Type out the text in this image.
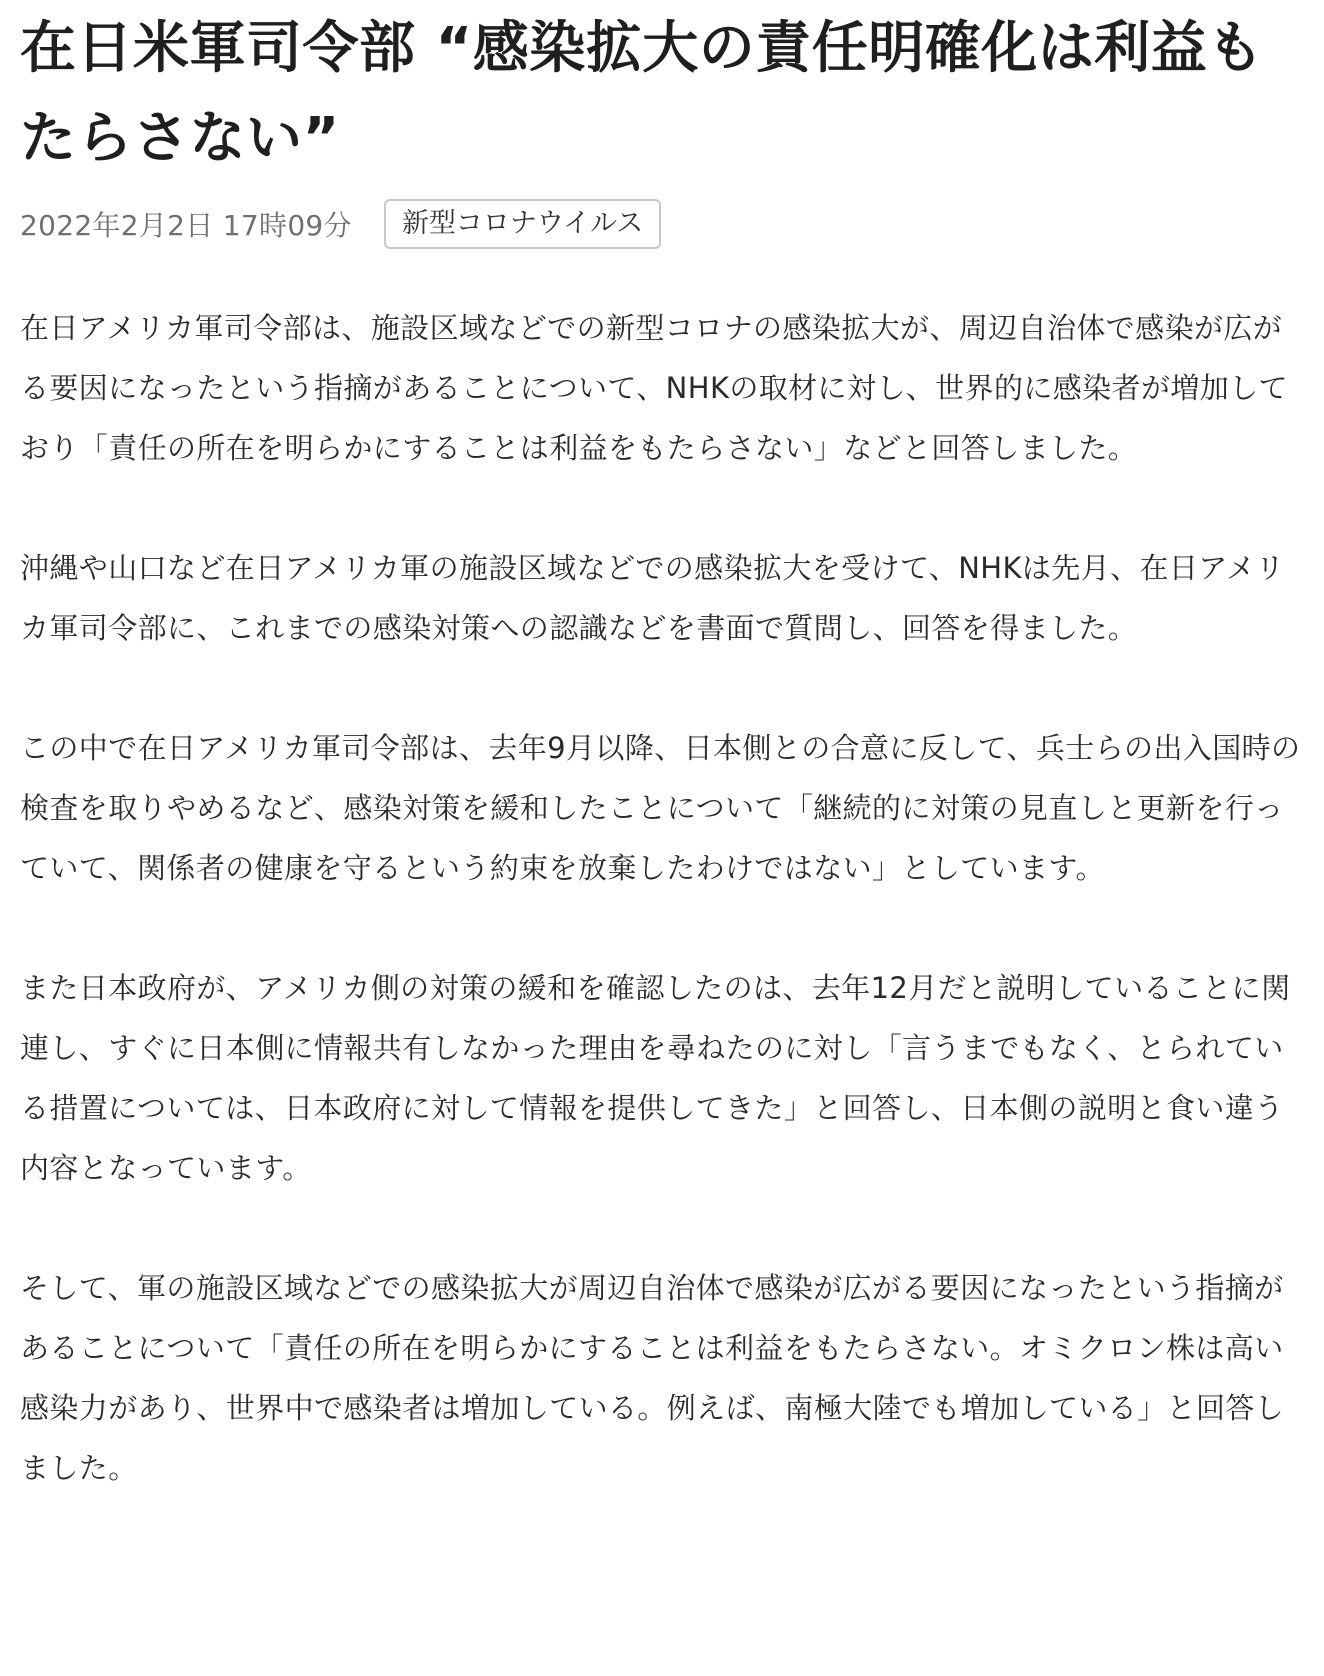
在日米軍司令部 “感染拡大の責任明確化は利益もたらさない”
2022年2月2日 17時09分	新型コロナウイルス

在日アメリカ軍司令部は、施設区域などでの新型コロナの感染拡大が、周辺自治体で感染が広がる要因になったという指摘があることについて、NHKの取材に対し、世界的に感染者が増加しており「責任の所在を明らかにすることは利益をもたらさない」などと回答しました。

沖縄や山口など在日アメリカ軍の施設区域などでの感染拡大を受けて、NHKは先月、在日アメリカ軍司令部に、これまでの感染対策への認識などを書面で質問し、回答を得ました。

この中で在日アメリカ軍司令部は、去年9月以降、日本側との合意に反して、兵士らの出入国時の検査を取りやめるなど、感染対策を緩和したことについて「継続的に対策の見直しと更新を行っていて、関係者の健康を守るという約束を放棄したわけではない」としています。

また日本政府が、アメリカ側の対策の緩和を確認したのは、去年12月だと説明していることに関連し、すぐに日本側に情報共有しなかった理由を尋ねたのに対し「言うまでもなく、とられている措置については、日本政府に対して情報を提供してきた」と回答し、日本側の説明と食い違う内容となっています。

そして、軍の施設区域などでの感染拡大が周辺自治体で感染が広がる要因になったという指摘があることについて「責任の所在を明らかにすることは利益をもたらさない。オミクロン株は高い感染力があり、世界中で感染者は増加している。例えば、南極大陸でも増加している」と回答しました。
